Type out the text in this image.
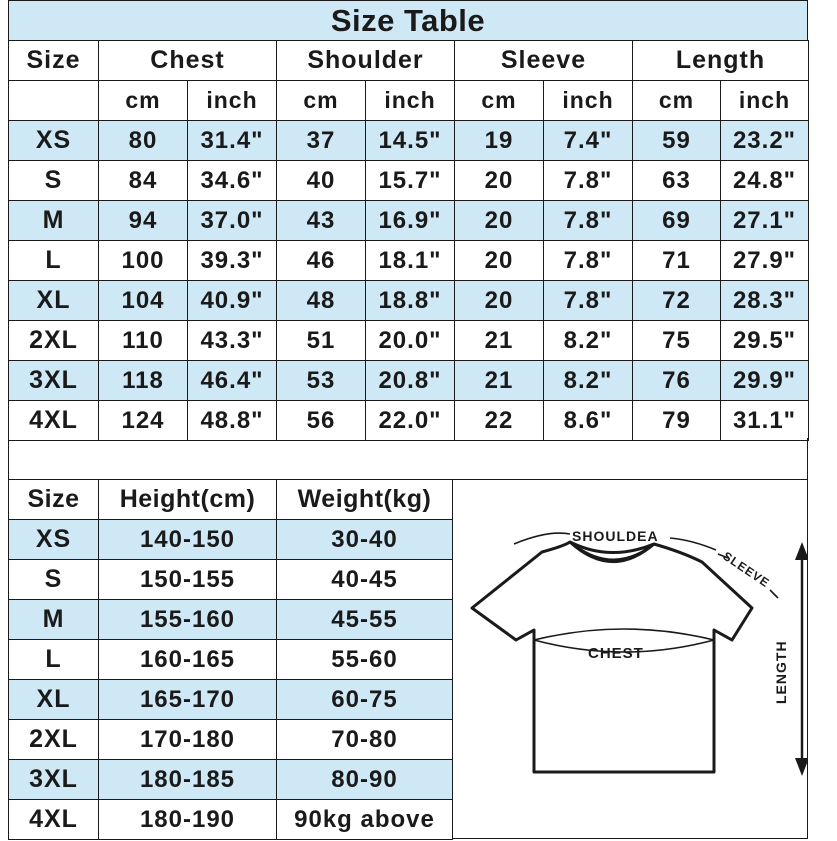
Size Table
Size	Chest		Shoulder		Sleeve		Length	
	cm	inch	cm	inch	cm	inch	cm	inch
XS	80	31.4"	37	14.5"	19	7.4"	59	23.2"
S	84	34.6"	40	15.7"	20	7.8"	63	24.8"
M	94	37.0"	43	16.9"	20	7.8"	69	27.1"
L	100	39.3"	46	18.1"	20	7.8"	71	27.9"
XL	104	40.9"	48	18.8"	20	7.8"	72	28.3"
2XL	110	43.3"	51	20.0"	21	8.2"	75	29.5"
3XL	118	46.4"	53	20.8"	21	8.2"	76	29.9"
4XL	124	48.8"	56	22.0"	22	8.6"	79	31.1"
Size	Height(cm)	Weight(kg)
XS	140-150	30-40
S	150-155	40-45
M	155-160	45-55
L	160-165	55-60
XL	165-170	60-75
2XL	170-180	70-80
3XL	180-185	80-90
4XL	180-190	90kg above
SHOULDEA
SLEEVE
CHEST	LENGTH
